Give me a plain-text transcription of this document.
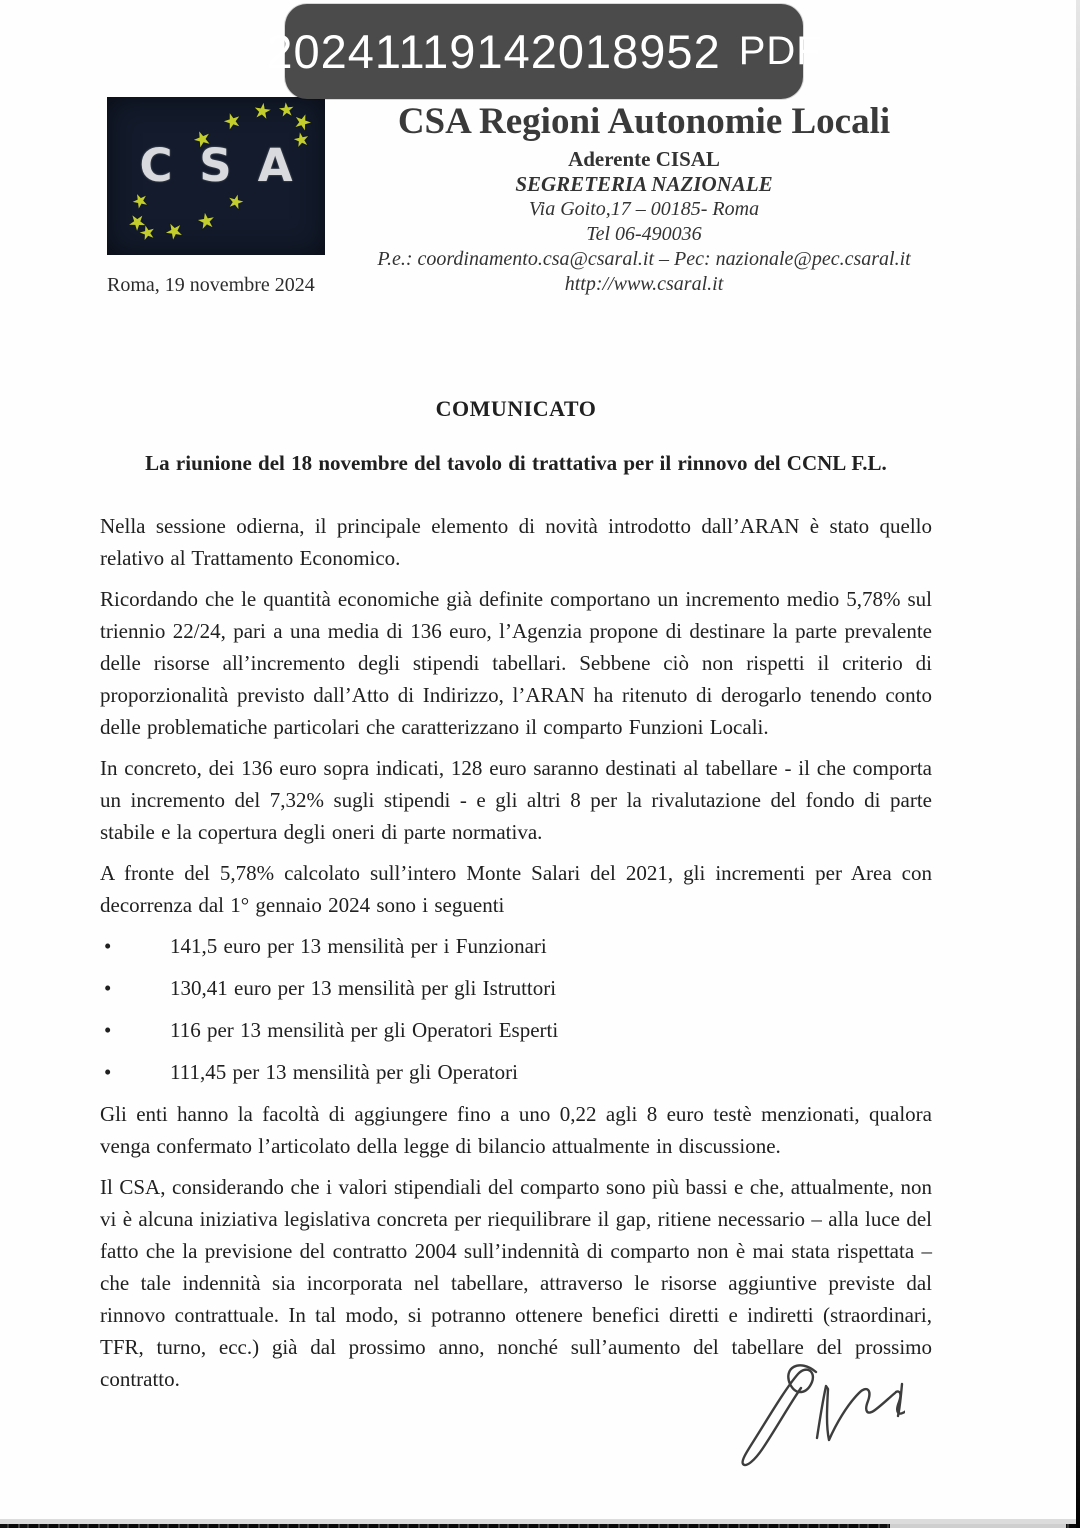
★
★
★
★
★
★
★
★
★
★
★
★
CSA
CSA Regioni Autonomie Locali
Aderente CISAL
SEGRETERIA NAZIONALE
Via Goito,17 – 00185- Roma
Tel 06-490036
P.e.: coordinamento.csa@csaral.it – Pec: nazionale@pec.csaral.it
http://www.csaral.it
Roma, 19 novembre 2024
COMUNICATO
La riunione del 18 novembre del tavolo di trattativa per il rinnovo del CCNL F.L.

Nella sessione odierna, il principale elemento di novità introdotto dall’ARAN è stato quello relativo al Trattamento Economico.

Ricordando che le quantità economiche già definite comportano un incremento medio 5,78% sul triennio 22/24, pari a una media di 136 euro, l’Agenzia propone di destinare la parte prevalente delle risorse all’incremento degli stipendi tabellari. Sebbene ciò non rispetti il criterio di proporzionalità previsto dall’Atto di Indirizzo, l’ARAN ha ritenuto di derogarlo tenendo conto delle problematiche particolari che caratterizzano il comparto Funzioni Locali.

In concreto, dei 136 euro sopra indicati, 128 euro saranno destinati al tabellare - il che comporta un incremento del 7,32% sugli stipendi - e gli altri 8 per la rivalutazione del fondo di parte stabile e la copertura degli oneri di parte normativa.

A fronte del 5,78% calcolato sull’intero Monte Salari del 2021, gli incrementi per Area con decorrenza dal 1° gennaio 2024 sono i seguenti

•
141,5 euro per 13 mensilità per i Funzionari
•
130,41 euro per 13 mensilità per gli Istruttori
•
116 per 13 mensilità per gli Operatori Esperti
•
111,45 per 13 mensilità per gli Operatori

Gli enti hanno la facoltà di aggiungere fino a uno 0,22 agli 8 euro testè menzionati, qualora venga confermato l’articolato della legge di bilancio attualmente in discussione.

Il CSA, considerando che i valori stipendiali del comparto sono più bassi e che, attualmente, non vi è alcuna iniziativa legislativa concreta per riequilibrare il gap, ritiene necessario – alla luce del fatto che la previsione del contratto 2004 sull’indennità di comparto non è mai stata rispettata – che tale indennità sia incorporata nel tabellare, attraverso le risorse aggiuntive previste dal rinnovo contrattuale. In tal modo, si potranno ottenere benefici diretti e indiretti (straordinari, TFR, turno, ecc.) già dal prossimo anno, nonché sull’aumento del tabellare del prossimo contratto.

20241119142018952 PDF
